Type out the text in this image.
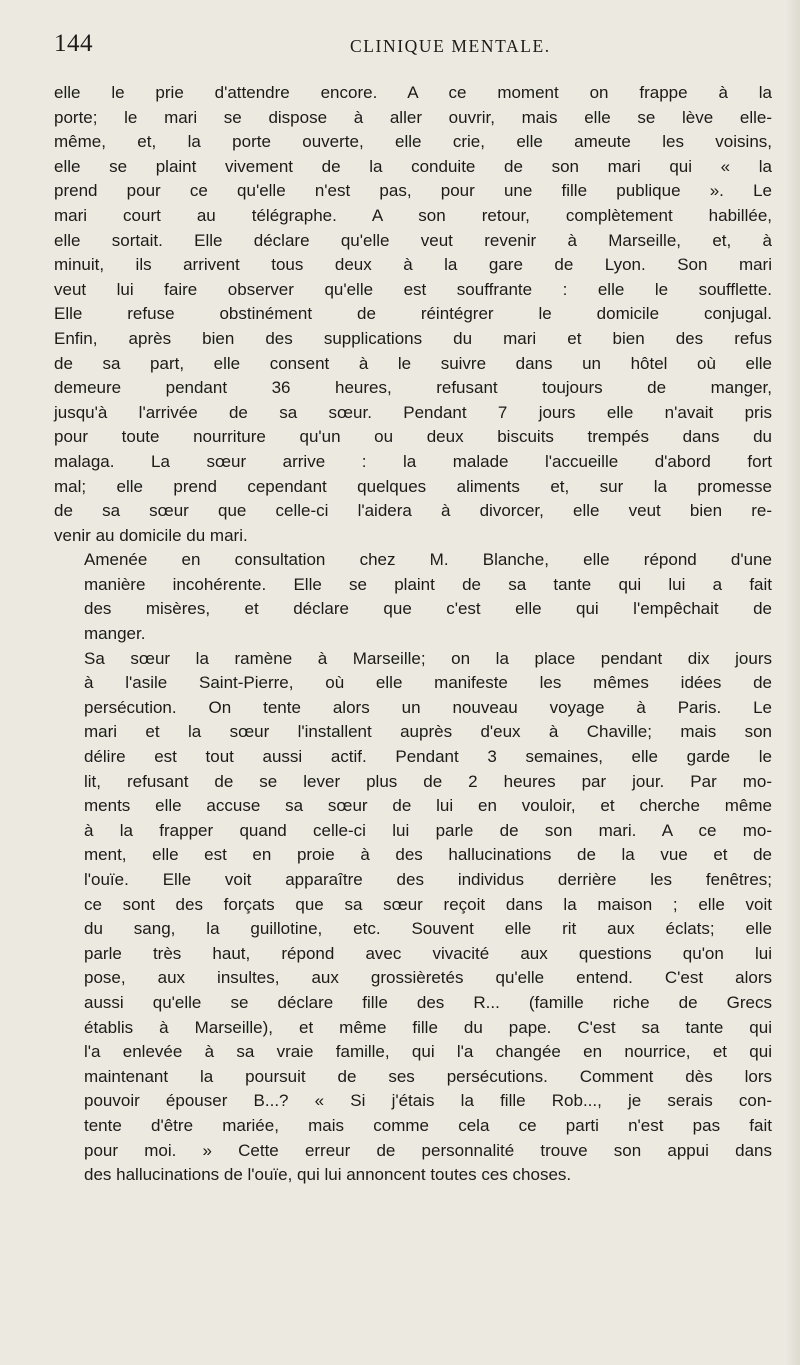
144	CLINIQUE MENTALE.

elle le prie d'attendre encore. A ce moment on frappe à la
porte; le mari se dispose à aller ouvrir, mais elle se lève elle-
même, et, la porte ouverte, elle crie, elle ameute les voisins,
elle se plaint vivement de la conduite de son mari qui « la
prend pour ce qu'elle n'est pas, pour une fille publique ». Le
mari court au télégraphe. A son retour, complètement habillée,
elle sortait. Elle déclare qu'elle veut revenir à Marseille, et, à
minuit, ils arrivent tous deux à la gare de Lyon. Son mari
veut lui faire observer qu'elle est souffrante : elle le soufflette.
Elle refuse obstinément de réintégrer le domicile conjugal.
Enfin, après bien des supplications du mari et bien des refus
de sa part, elle consent à le suivre dans un hôtel où elle
demeure pendant 36 heures, refusant toujours de manger,
jusqu'à l'arrivée de sa sœur. Pendant 7 jours elle n'avait pris
pour toute nourriture qu'un ou deux biscuits trempés dans du
malaga. La sœur arrive : la malade l'accueille d'abord fort
mal; elle prend cependant quelques aliments et, sur la promesse
de sa sœur que celle-ci l'aidera à divorcer, elle veut bien re-
venir au domicile du mari.

Amenée en consultation chez M. Blanche, elle répond d'une
manière incohérente. Elle se plaint de sa tante qui lui a fait
des misères, et déclare que c'est elle qui l'empêchait de
manger.

Sa sœur la ramène à Marseille; on la place pendant dix jours
à l'asile Saint-Pierre, où elle manifeste les mêmes idées de
persécution. On tente alors un nouveau voyage à Paris. Le
mari et la sœur l'installent auprès d'eux à Chaville; mais son
délire est tout aussi actif. Pendant 3 semaines, elle garde le
lit, refusant de se lever plus de 2 heures par jour. Par mo-
ments elle accuse sa sœur de lui en vouloir, et cherche même
à la frapper quand celle-ci lui parle de son mari. A ce mo-
ment, elle est en proie à des hallucinations de la vue et de
l'ouïe. Elle voit apparaître des individus derrière les fenêtres;
ce sont des forçats que sa sœur reçoit dans la maison ; elle voit
du sang, la guillotine, etc. Souvent elle rit aux éclats; elle
parle très haut, répond avec vivacité aux questions qu'on lui
pose, aux insultes, aux grossièretés qu'elle entend. C'est alors
aussi qu'elle se déclare fille des R... (famille riche de Grecs
établis à Marseille), et même fille du pape. C'est sa tante qui
l'a enlevée à sa vraie famille, qui l'a changée en nourrice, et qui
maintenant la poursuit de ses persécutions. Comment dès lors
pouvoir épouser B...? « Si j'étais la fille Rob..., je serais con-
tente d'être mariée, mais comme cela ce parti n'est pas fait
pour moi. » Cette erreur de personnalité trouve son appui dans
des hallucinations de l'ouïe, qui lui annoncent toutes ces choses.
